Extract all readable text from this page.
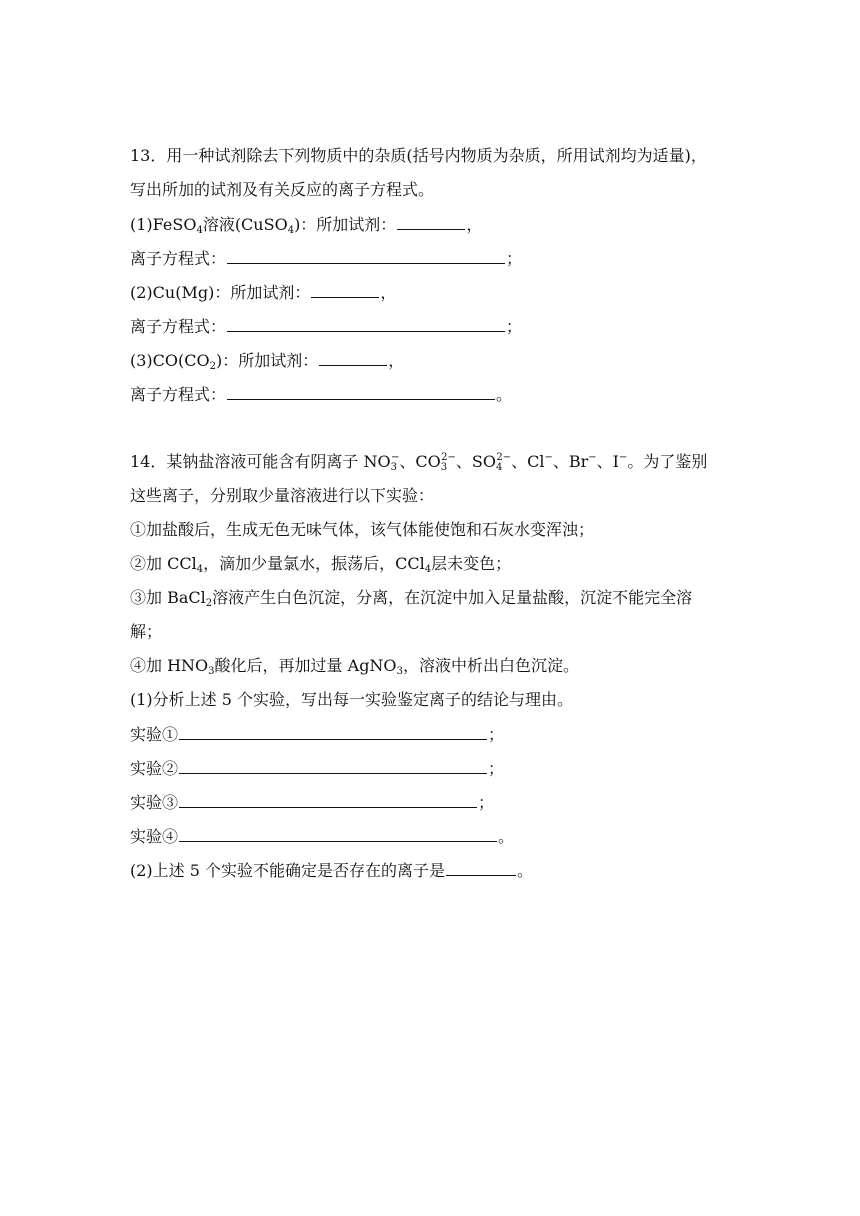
13．用一种试剂除去下列物质中的杂质(括号内物质为杂质，所用试剂均为适量)，
写出所加的试剂及有关反应的离子方程式。
(1)FeSO$_4$溶液(CuSO$_4$)：所加试剂：	，
离子方程式：	；
(2)Cu(Mg)：所加试剂：	，
离子方程式：	；
$(3)CO(CO_2)$：所加试剂：	，
离子方程式：	。
14．某钠盐溶液可能含有阴离子 $NO_3^-$、$CO_3^{2-}$、$SO_4^{2-}$、Cl−、Br−、I−。为了鉴别
这些离子，分别取少量溶液进行以下实验：
①加盐酸后，生成无色无味气体，该气体能使饱和石灰水变浑浊；
②加 CCl$_4$，滴加少量氯水，振荡后，CCl$_4$层未变色；
③加 BaCl$_2$溶液产生白色沉淀，分离，在沉淀中加入足量盐酸，沉淀不能完全溶
解；
④加 $HNO_3$酸化后，再加过量 AgNO$_3$，溶液中析出白色沉淀。
(1)分析上述 5 个实验，写出每一实验鉴定离子的结论与理由。
实验①	；
实验②	；
实验③	；
实验④	。
(2)上述 5 个实验不能确定是否存在的离子是	。
